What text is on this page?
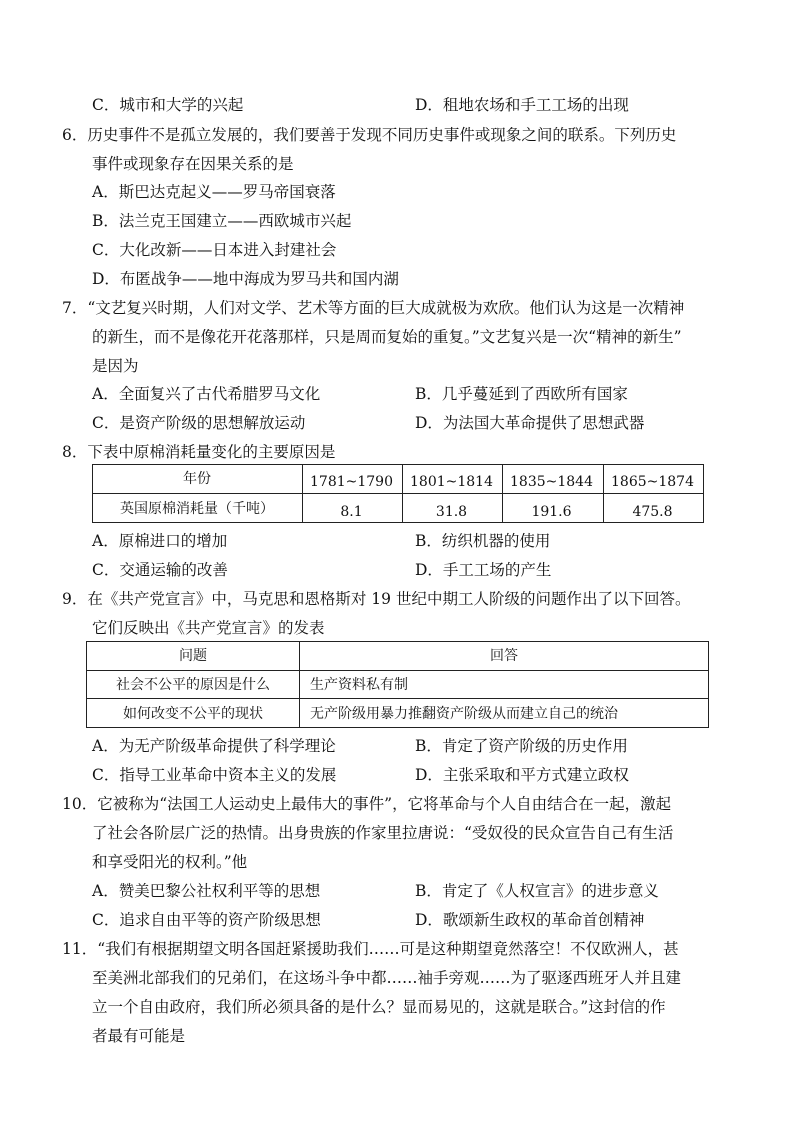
C．城市和大学的兴起	D．租地农场和手工工场的出现
6．历史事件不是孤立发展的，我们要善于发现不同历史事件或现象之间的联系。下列历史
事件或现象存在因果关系的是
A．斯巴达克起义——罗马帝国衰落
B．法兰克王国建立——西欧城市兴起
C．大化改新——日本进入封建社会
D．布匿战争——地中海成为罗马共和国内湖
7．“文艺复兴时期，人们对文学、艺术等方面的巨大成就极为欢欣。他们认为这是一次精神
的新生，而不是像花开花落那样，只是周而复始的重复。”文艺复兴是一次“精神的新生”
是因为
A．全面复兴了古代希腊罗马文化	B．几乎蔓延到了西欧所有国家
C．是资产阶级的思想解放运动	D．为法国大革命提供了思想武器
8．下表中原棉消耗量变化的主要原因是

年份	1781~1790	1801~1814	1835~1844	1865~1874
英国原棉消耗量（千吨）	8.1	31.8	191.6	475.8
A．原棉进口的增加	B．纺织机器的使用
C．交通运输的改善	D．手工工场的产生
9．在《共产党宣言》中，马克思和恩格斯对 19 世纪中期工人阶级的问题作出了以下回答。
它们反映出《共产党宣言》的发表

问题	回答
社会不公平的原因是什么	生产资料私有制
如何改变不公平的现状	无产阶级用暴力推翻资产阶级从而建立自己的统治
A．为无产阶级革命提供了科学理论	B．肯定了资产阶级的历史作用
C．指导工业革命中资本主义的发展	D．主张采取和平方式建立政权
10．它被称为“法国工人运动史上最伟大的事件”，它将革命与个人自由结合在一起，激起
了社会各阶层广泛的热情。出身贵族的作家里拉唐说：“受奴役的民众宣告自己有生活
和享受阳光的权利。”他
A．赞美巴黎公社权利平等的思想	B．肯定了《人权宣言》的进步意义
C．追求自由平等的资产阶级思想	D．歌颂新生政权的革命首创精神
11．“我们有根据期望文明各国赶紧援助我们……可是这种期望竟然落空！不仅欧洲人，甚
至美洲北部我们的兄弟们，在这场斗争中都……袖手旁观……为了驱逐西班牙人并且建
立一个自由政府，我们所必须具备的是什么？显而易见的，这就是联合。”这封信的作
者最有可能是
